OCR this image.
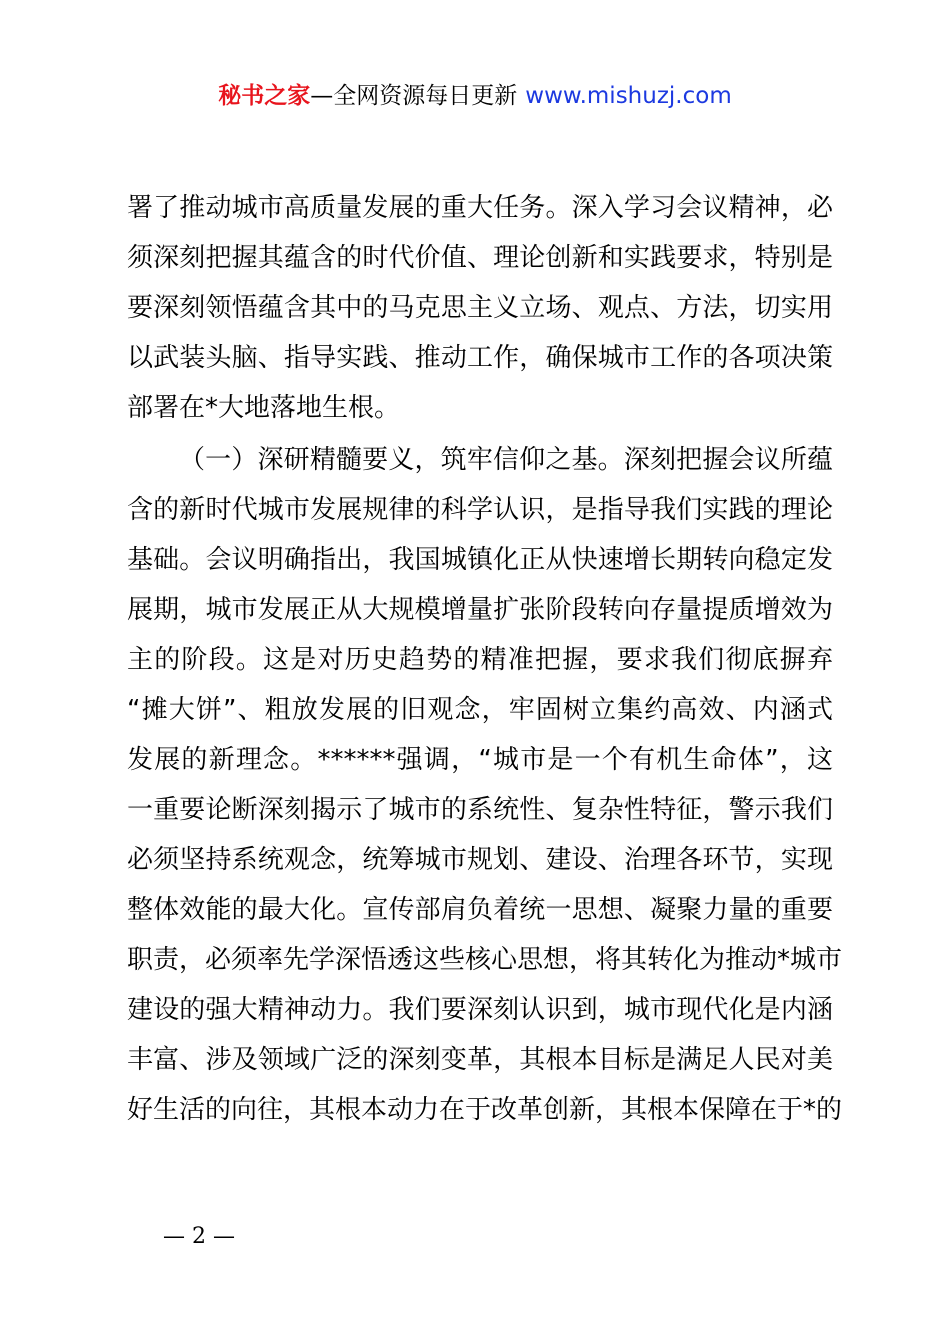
秘书之家—全网资源每日更新 www.mishuzj.com

署了推动城市高质量发展的重大任务。深入学习会议精神，必
须深刻把握其蕴含的时代价值、理论创新和实践要求，特别是
要深刻领悟蕴含其中的马克思主义立场、观点、方法，切实用
以武装头脑、指导实践、推动工作，确保城市工作的各项决策
部署在*大地落地生根。

（一）深研精髓要义，筑牢信仰之基。深刻把握会议所蕴
含的新时代城市发展规律的科学认识，是指导我们实践的理论
基础。会议明确指出，我国城镇化正从快速增长期转向稳定发
展期，城市发展正从大规模增量扩张阶段转向存量提质增效为
主的阶段。这是对历史趋势的精准把握，要求我们彻底摒弃
“摊大饼”、粗放发展的旧观念，牢固树立集约高效、内涵式
发展的新理念。******强调，“城市是一个有机生命体”，这
一重要论断深刻揭示了城市的系统性、复杂性特征，警示我们
必须坚持系统观念，统筹城市规划、建设、治理各环节，实现
整体效能的最大化。宣传部肩负着统一思想、凝聚力量的重要
职责，必须率先学深悟透这些核心思想，将其转化为推动*城市
建设的强大精神动力。我们要深刻认识到，城市现代化是内涵
丰富、涉及领域广泛的深刻变革，其根本目标是满足人民对美
好生活的向往，其根本动力在于改革创新，其根本保障在于*的

— 2 —
